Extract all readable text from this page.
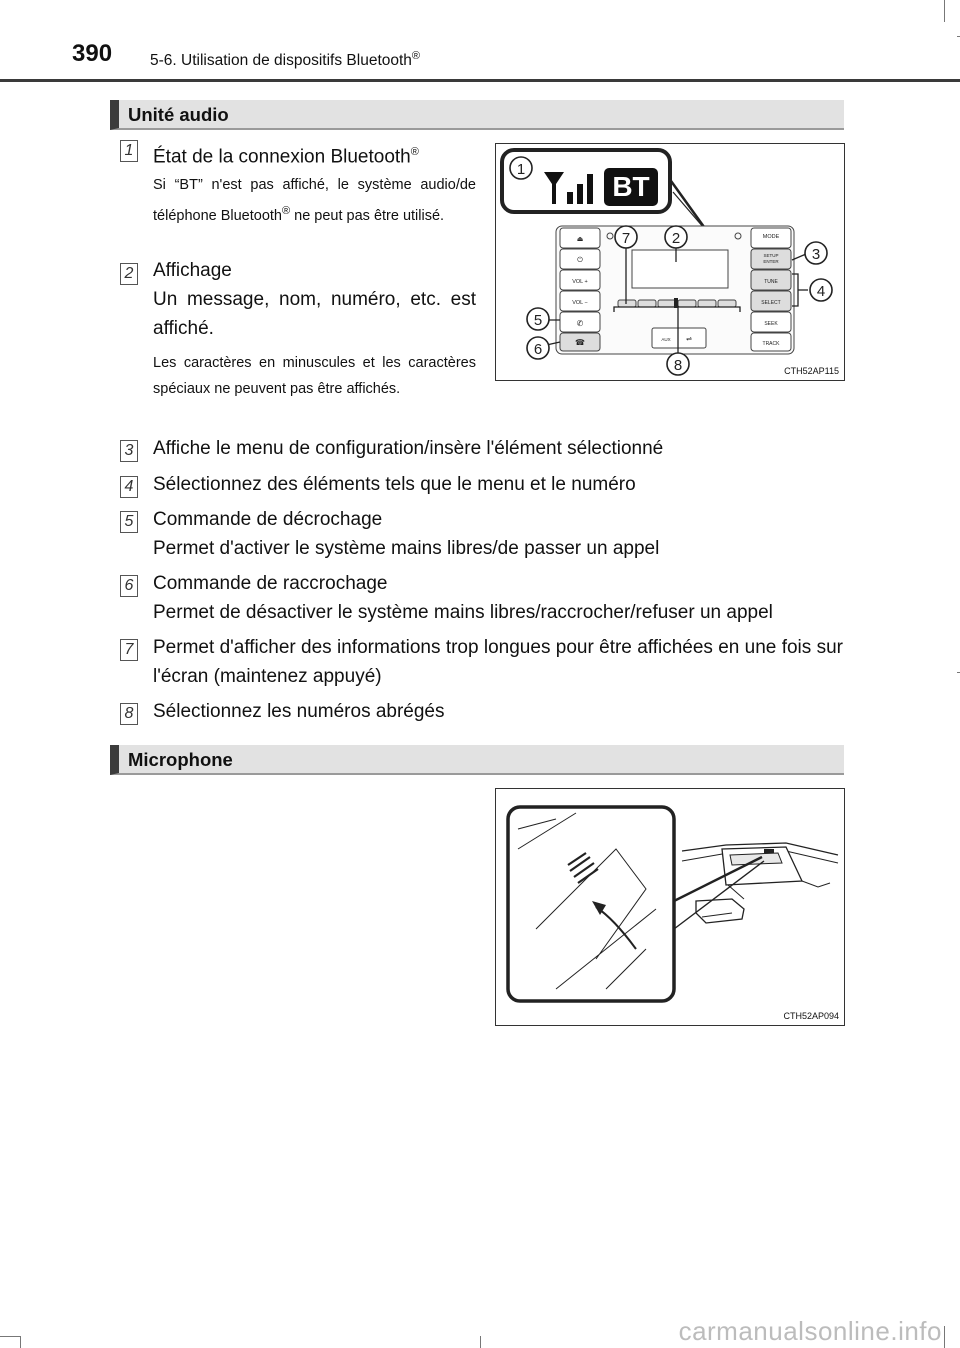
390 5-6. Utilisation de dispositifs Bluetooth®
Unité audio
1 État de la connexion Bluetooth®
Si “BT” n'est pas affiché, le système audio/de téléphone Bluetooth® ne peut pas être utilisé.
2 Affichage
Un message, nom, numéro, etc. est affiché.
Les caractères en minuscules et les caractères spéciaux ne peuvent pas être affichés.
BT
⏏
⏻
VOL +
VOL −
✆
☎
MODE
SETUP
ENTER
TUNE
SELECT
SEEK
TRACK
AUX ⇌
1
2
3
4
5
6
7
8	CTH52AP115
3 Affiche le menu de configuration/insère l'élément sélectionné
4 Sélectionnez des éléments tels que le menu et le numéro
5 Commande de décrochage
Permet d'activer le système mains libres/de passer un appel
6 Commande de raccrochage
Permet de désactiver le système mains libres/raccrocher/refuser un appel
7 Permet d'afficher des informations trop longues pour être affichées en une fois sur l'écran (maintenez appuyé)
8 Sélectionnez les numéros abrégés
Microphone
CTH52AP094
carmanualsonline.info
